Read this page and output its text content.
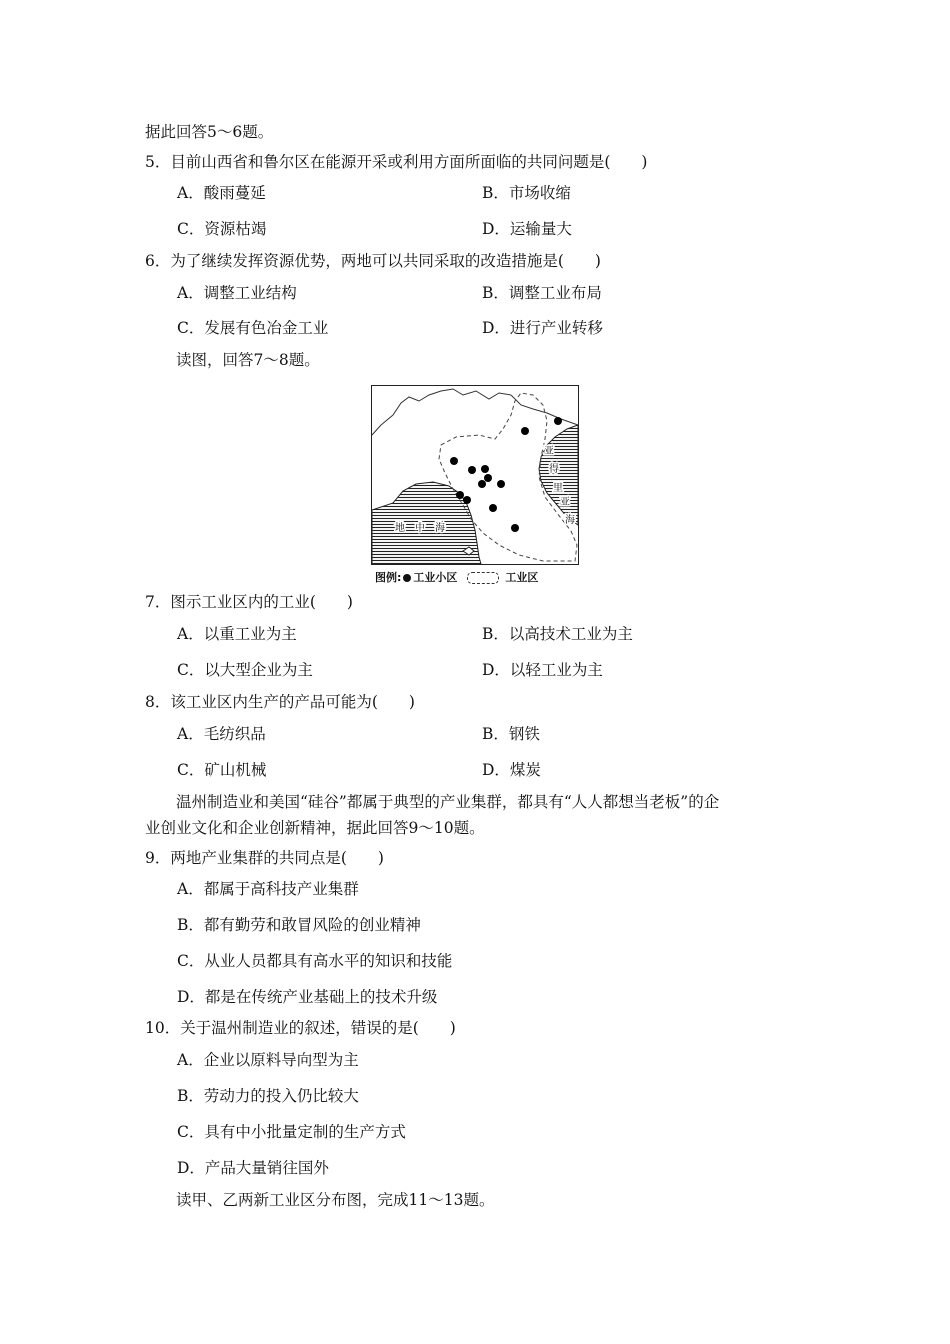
据此回答5～6题。
5．目前山西省和鲁尔区在能源开采或利用方面所面临的共同问题是(　　)
A．酸雨蔓延	B．市场收缩
C．资源枯竭	D．运输量大
6．为了继续发挥资源优势，两地可以共同采取的改造措施是(　　)
A．调整工业结构	B．调整工业布局
C．发展有色冶金工业	D．进行产业转移
读图，回答7～8题。
地　中　海
亚
得
里
亚
海
图例: 工业小区	工业区
7．图示工业区内的工业(　　)
A．以重工业为主	B．以高技术工业为主
C．以大型企业为主	D．以轻工业为主
8．该工业区内生产的产品可能为(　　)
A．毛纺织品	B．钢铁
C．矿山机械	D．煤炭
温州制造业和美国“硅谷”都属于典型的产业集群，都具有“人人都想当老板”的企
业创业文化和企业创新精神，据此回答9～10题。
9．两地产业集群的共同点是(　　)
A．都属于高科技产业集群
B．都有勤劳和敢冒风险的创业精神
C．从业人员都具有高水平的知识和技能
D．都是在传统产业基础上的技术升级
10．关于温州制造业的叙述，错误的是(　　)
A．企业以原料导向型为主
B．劳动力的投入仍比较大
C．具有中小批量定制的生产方式
D．产品大量销往国外
读甲、乙两新工业区分布图，完成11～13题。
